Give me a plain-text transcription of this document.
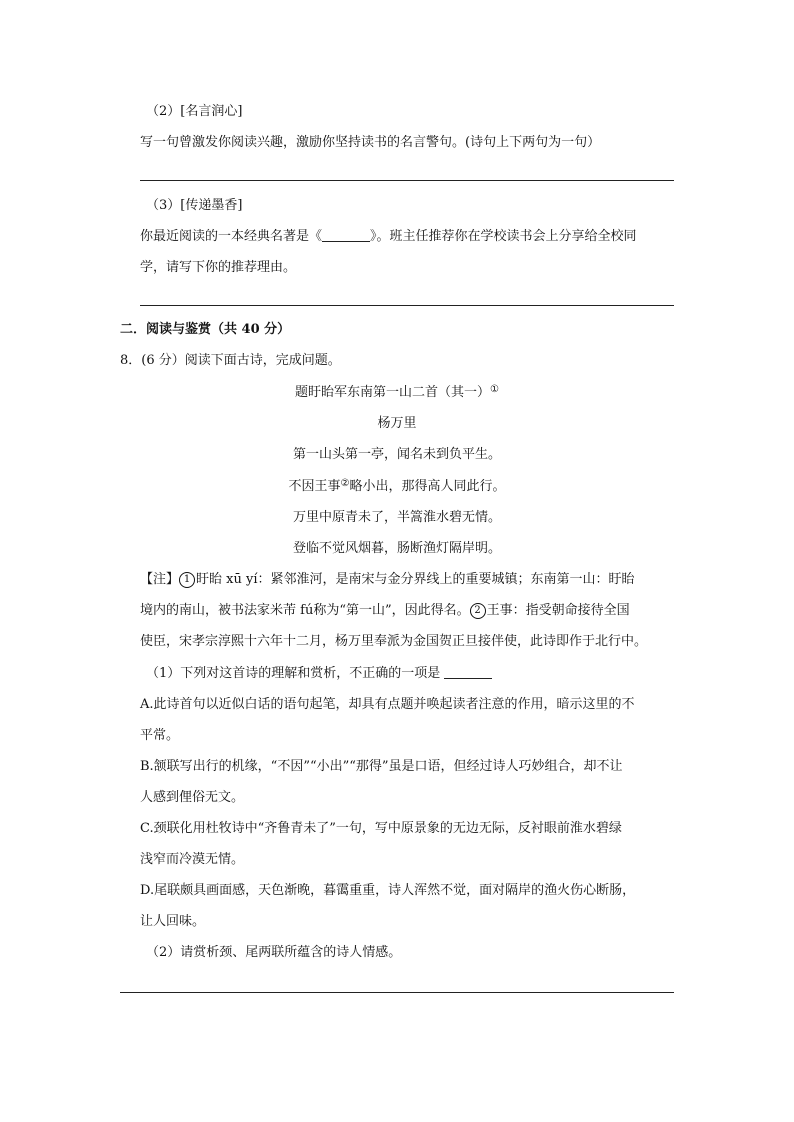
（2）[名言润心]
写一句曾激发你阅读兴趣，激励你坚持读书的名言警句。(诗句上下两句为一句）
（3）[传递墨香]
你最近阅读的一本经典名著是《	》。班主任推荐你在学校读书会上分享给全校同
学，请写下你的推荐理由。
二．阅读与鉴赏（共 40 分）
8．(6 分）阅读下面古诗，完成问题。
题盱眙军东南第一山二首（其一）①
杨万里
第一山头第一亭，闻名未到负平生。
不因王事②略小出，那得高人同此行。
万里中原青未了，半篙淮水碧无情。
登临不觉风烟暮，肠断渔灯隔岸明。
【注】 1 盱眙 xū yí：紧邻淮河，是南宋与金分界线上的重要城镇；东南第一山：盱眙
境内的南山，被书法家米芾 fú称为“第一山”，因此得名。 2 王事：指受朝命接待全国
使臣，宋孝宗淳熙十六年十二月，杨万里奉派为金国贺正旦接伴使，此诗即作于北行中。
（1）下列对这首诗的理解和赏析，不正确的一项是
A.此诗首句以近似白话的语句起笔，却具有点题并唤起读者注意的作用，暗示这里的不
平常。
B.颔联写出行的机缘，“不因”“小出”“那得”虽是口语，但经过诗人巧妙组合，却不让
人感到俚俗无文。
C.颈联化用杜牧诗中“齐鲁青未了”一句，写中原景象的无边无际，反衬眼前淮水碧绿
浅窄而冷漠无情。
D.尾联颇具画面感，天色渐晚，暮霭重重，诗人浑然不觉，面对隔岸的渔火伤心断肠，
让人回味。
（2）请赏析颈、尾两联所蕴含的诗人情感。
